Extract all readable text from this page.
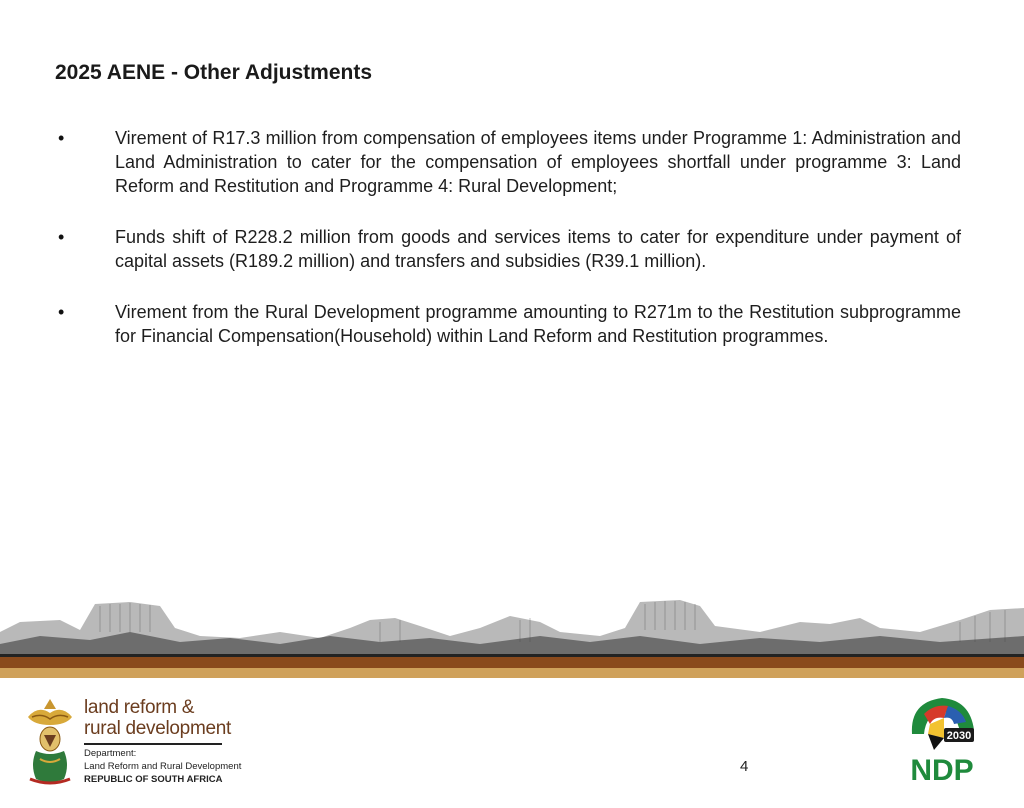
2025 AENE - Other Adjustments
•	Virement of R17.3 million from compensation of employees items under Programme 1: Administration and Land Administration to cater for the compensation of employees shortfall under programme 3: Land Reform and Restitution and Programme 4: Rural Development;
•	Funds shift of R228.2 million from goods and services items to cater for expenditure under payment of capital assets (R189.2 million) and transfers and subsidies (R39.1 million).
•	Virement from the Rural Development programme amounting to R271m to the Restitution subprogramme for Financial Compensation(Household) within Land Reform and Restitution programmes.
land reform &
rural development
Department:
Land Reform and Rural Development
REPUBLIC OF SOUTH AFRICA
4
2030
NDP
